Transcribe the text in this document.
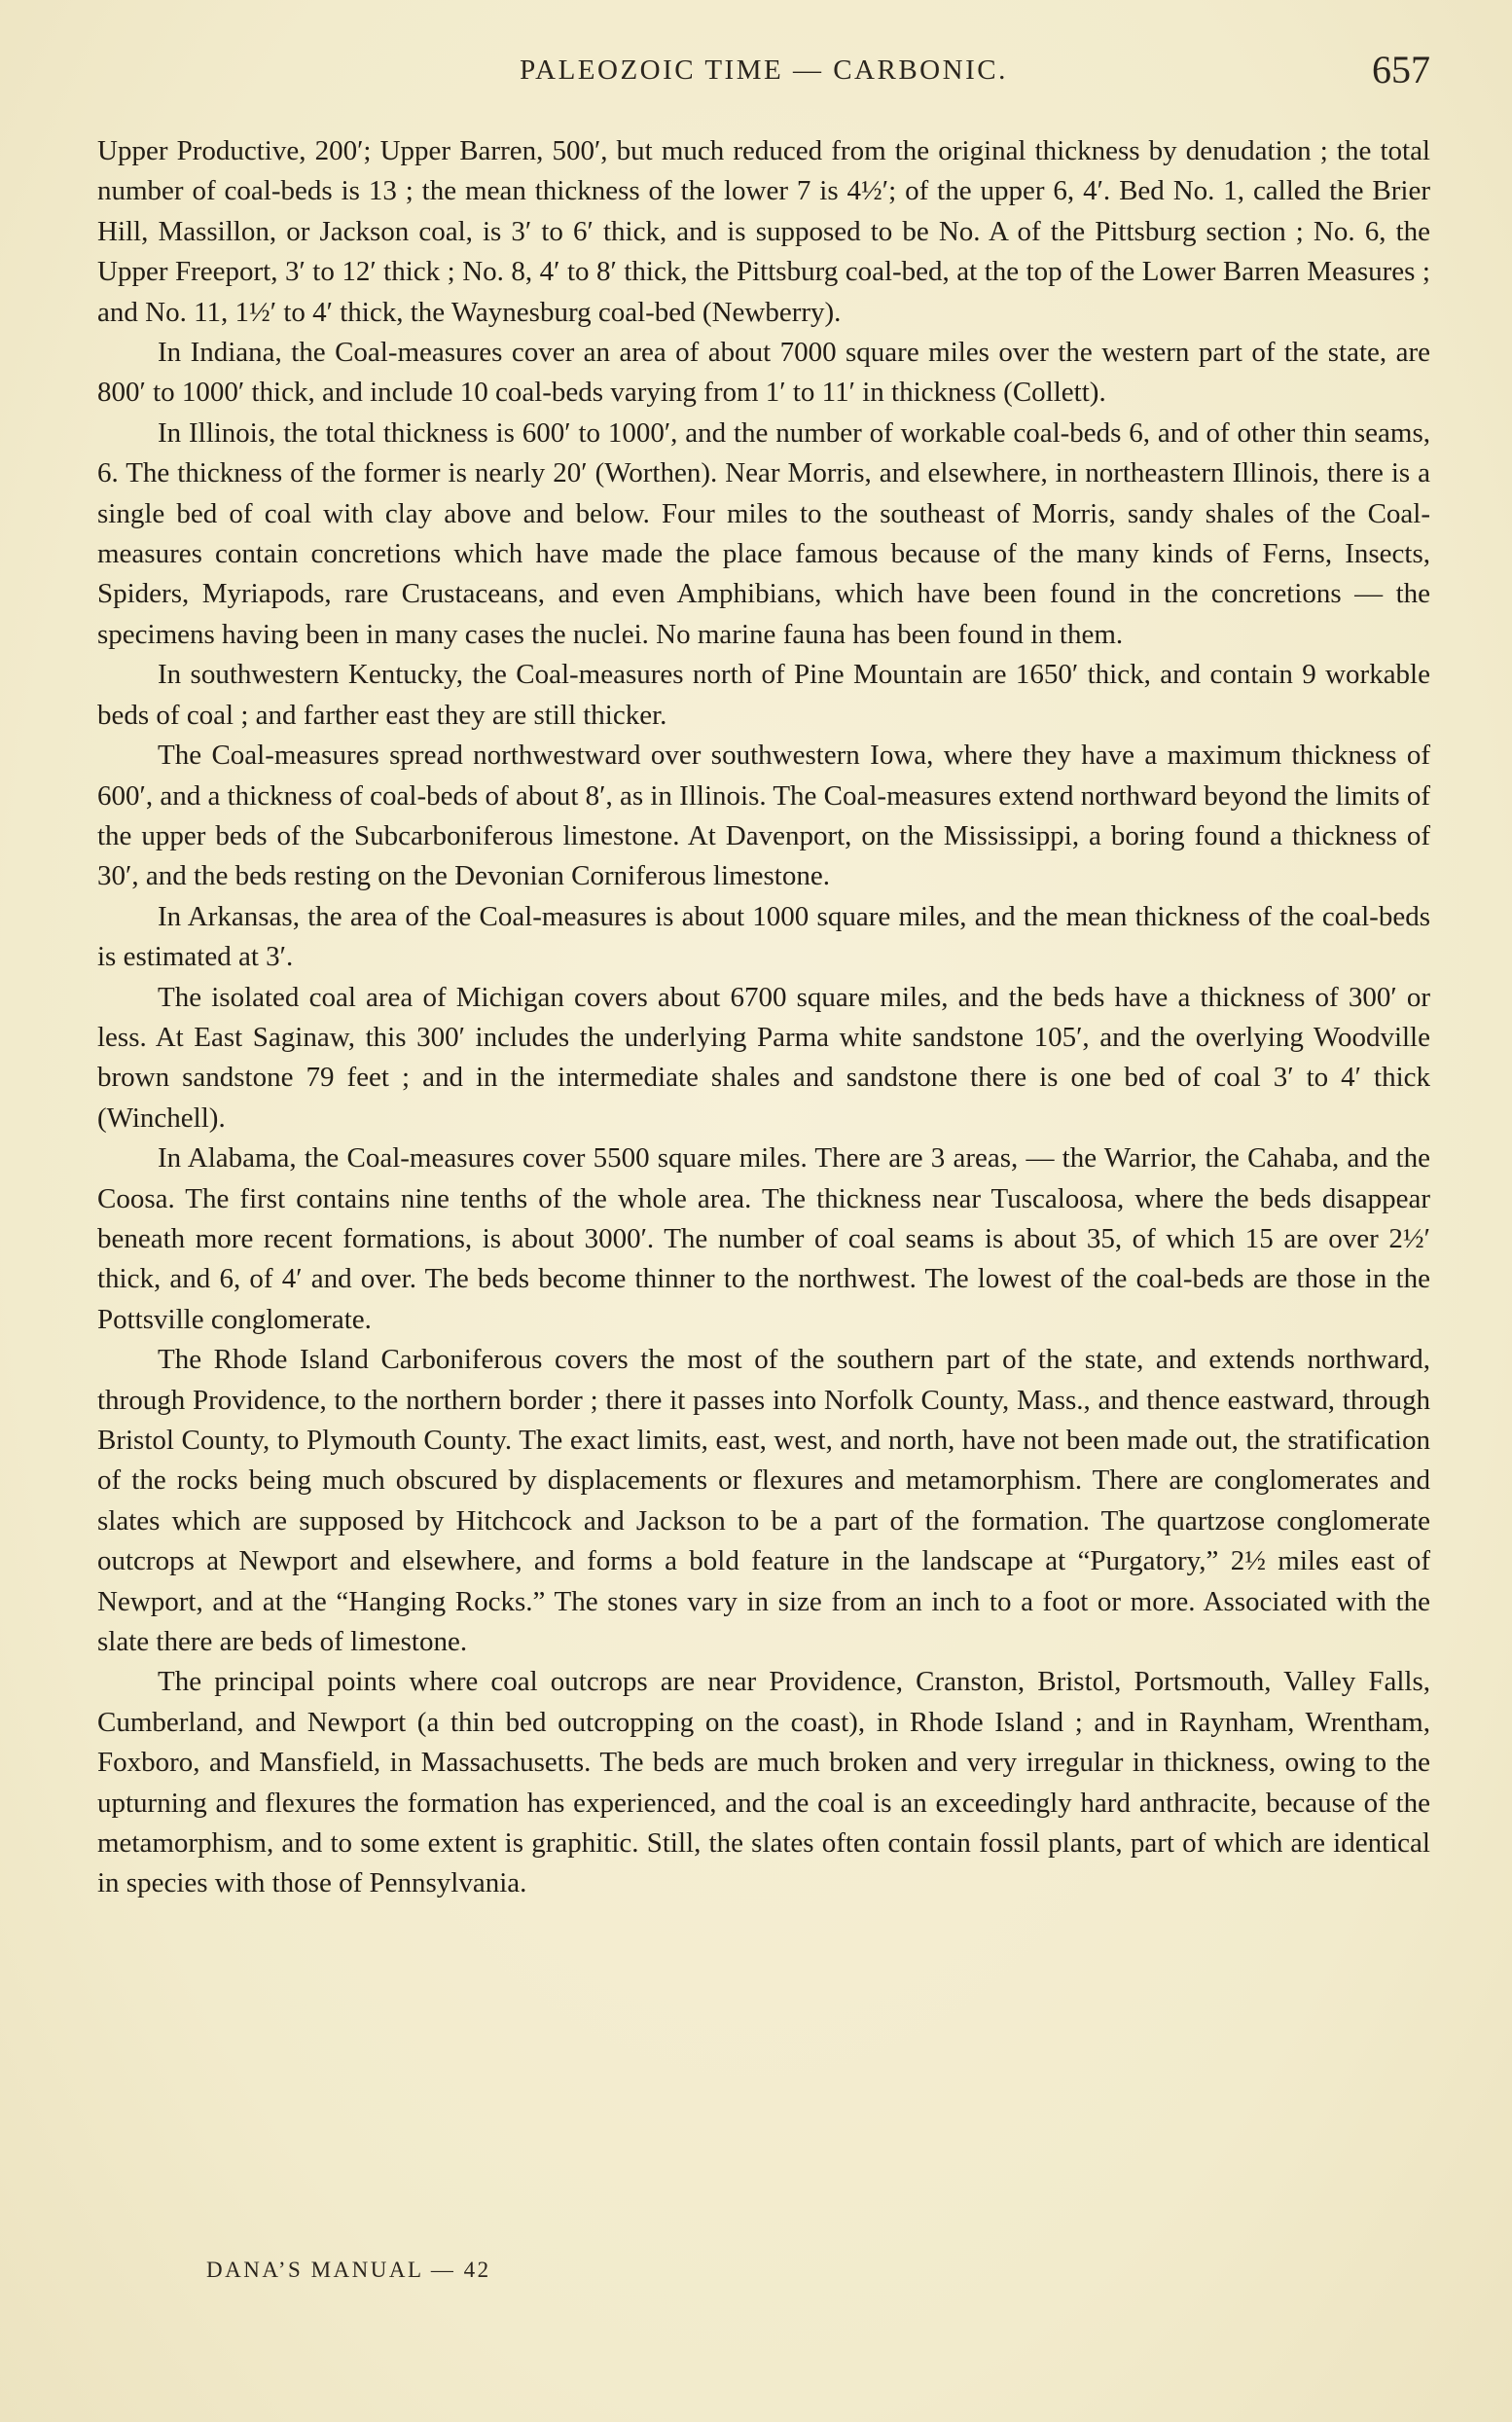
PALEOZOIC TIME — CARBONIC.	657

Upper Productive, 200′; Upper Barren, 500′, but much reduced from the original thickness by denudation ; the total number of coal-beds is 13 ; the mean thickness of the lower 7 is 4½′; of the upper 6, 4′. Bed No. 1, called the Brier Hill, Massillon, or Jackson coal, is 3′ to 6′ thick, and is supposed to be No. A of the Pittsburg section ; No. 6, the Upper Freeport, 3′ to 12′ thick ; No. 8, 4′ to 8′ thick, the Pittsburg coal-bed, at the top of the Lower Barren Measures ; and No. 11, 1½′ to 4′ thick, the Waynesburg coal-bed (Newberry).

In Indiana, the Coal-measures cover an area of about 7000 square miles over the western part of the state, are 800′ to 1000′ thick, and include 10 coal-beds varying from 1′ to 11′ in thickness (Collett).

In Illinois, the total thickness is 600′ to 1000′, and the number of workable coal-beds 6, and of other thin seams, 6. The thickness of the former is nearly 20′ (Worthen). Near Morris, and elsewhere, in northeastern Illinois, there is a single bed of coal with clay above and below. Four miles to the southeast of Morris, sandy shales of the Coal-measures contain concretions which have made the place famous because of the many kinds of Ferns, Insects, Spiders, Myriapods, rare Crustaceans, and even Amphibians, which have been found in the concretions — the specimens having been in many cases the nuclei. No marine fauna has been found in them.

In southwestern Kentucky, the Coal-measures north of Pine Mountain are 1650′ thick, and contain 9 workable beds of coal ; and farther east they are still thicker.

The Coal-measures spread northwestward over southwestern Iowa, where they have a maximum thickness of 600′, and a thickness of coal-beds of about 8′, as in Illinois. The Coal-measures extend northward beyond the limits of the upper beds of the Subcarboniferous limestone. At Davenport, on the Mississippi, a boring found a thickness of 30′, and the beds resting on the Devonian Corniferous limestone.

In Arkansas, the area of the Coal-measures is about 1000 square miles, and the mean thickness of the coal-beds is estimated at 3′.

The isolated coal area of Michigan covers about 6700 square miles, and the beds have a thickness of 300′ or less. At East Saginaw, this 300′ includes the underlying Parma white sandstone 105′, and the overlying Woodville brown sandstone 79 feet ; and in the intermediate shales and sandstone there is one bed of coal 3′ to 4′ thick (Winchell).

In Alabama, the Coal-measures cover 5500 square miles. There are 3 areas, — the Warrior, the Cahaba, and the Coosa. The first contains nine tenths of the whole area. The thickness near Tuscaloosa, where the beds disappear beneath more recent formations, is about 3000′. The number of coal seams is about 35, of which 15 are over 2½′ thick, and 6, of 4′ and over. The beds become thinner to the northwest. The lowest of the coal-beds are those in the Pottsville conglomerate.

The Rhode Island Carboniferous covers the most of the southern part of the state, and extends northward, through Providence, to the northern border ; there it passes into Norfolk County, Mass., and thence eastward, through Bristol County, to Plymouth County. The exact limits, east, west, and north, have not been made out, the stratification of the rocks being much obscured by displacements or flexures and metamorphism. There are conglomerates and slates which are supposed by Hitchcock and Jackson to be a part of the formation. The quartzose conglomerate outcrops at Newport and elsewhere, and forms a bold feature in the landscape at “Purgatory,” 2½ miles east of Newport, and at the “Hanging Rocks.” The stones vary in size from an inch to a foot or more. Associated with the slate there are beds of limestone.

The principal points where coal outcrops are near Providence, Cranston, Bristol, Portsmouth, Valley Falls, Cumberland, and Newport (a thin bed outcropping on the coast), in Rhode Island ; and in Raynham, Wrentham, Foxboro, and Mansfield, in Massachusetts. The beds are much broken and very irregular in thickness, owing to the upturning and flexures the formation has experienced, and the coal is an exceedingly hard anthracite, because of the metamorphism, and to some extent is graphitic. Still, the slates often contain fossil plants, part of which are identical in species with those of Pennsylvania.

DANA’S MANUAL — 42
